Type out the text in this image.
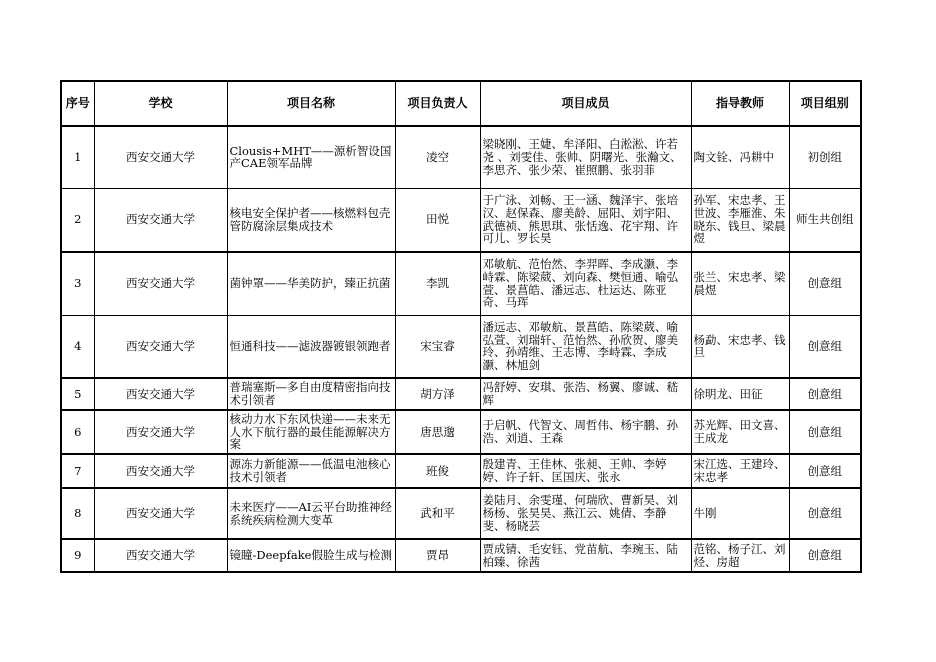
序号	学校	项目名称	项目负责人	项目成员	指导教师	项目组别
1	西安交通大学	Clousis+MHT——源析智设国产CAE领军品牌	凌空	梁晓刚、王婕、牟泽阳、白淞淞、许若尧 、刘雯佳、张帅、阴曙光、张瀚文、李思齐、张少荣、崔照鹏、张羽菲	陶文铨、冯耕中	初创组
2	西安交通大学	核电安全保护者——核燃料包壳管防腐涂层集成技术	田悦	于广泳、刘畅、王一涵、魏泽宇、张培汉、赵保森、廖美龄、屈阳、刘宇阳、武德祯、熊思琪、张恬逸、花宇翔、许可儿、罗长昊	孙军、宋忠孝、王世波、李雁淮、朱晓东、钱旦、梁晨煜	师生共创组
3	西安交通大学	菌钟罩——华美防护，臻正抗菌	李凯	邓敏航、范怡然、李羿晖、李成灏、李峙霖、陈梁葳、刘向森、樊恒通、喻弘萱、景菖皓、潘远志、杜运达、陈亚奇、马珲	张兰、宋忠孝、梁晨煜	创意组
4	西安交通大学	恒通科技——滤波器镀银领跑者	宋宝睿	潘远志、邓敏航、景菖皓、陈梁葳、喻弘萱、刘瑞轩、范怡然、孙欣贺、廖美玲、孙靖维、王志博、李峙霖、李成灏、林旭剑	杨勐、宋忠孝、钱旦	创意组
5	西安交通大学	普瑞塞斯—多自由度精密指向技术引领者	胡方泽	冯舒婷、安琪、张浩、杨翼、廖诚、嵇辉	徐明龙、田征	创意组
6	西安交通大学	核动力水下东风快递——未来无人水下航行器的最佳能源解决方案	唐思邈	于启帆、代智文、周哲伟、杨宇鹏、孙浩、刘逍、王森	苏光辉、田文喜、王成龙	创意组
7	西安交通大学	源冻力新能源——低温电池核心技术引领者	班俊	殷建青、王佳林、张昶、王帅、李婷婷、许子轩、匡国庆、张永	宋江选、王建玲、宋忠孝	创意组
8	西安交通大学	未来医疗——AI云平台助推神经系统疾病检测大变革	武和平	姜陆月、余雯瑾、何瑞欣、曹新昊、刘杨杨、张昊昊、燕江云、姚倩、李静斐、杨晓芸	牛刚	创意组
9	西安交通大学	镜瞳-Deepfake假脸生成与检测	贾昂	贾成锖、毛安钰、党苗航、李琬玉、陆柏臻、徐茜	范铭、杨子江、刘烃、房超	创意组
